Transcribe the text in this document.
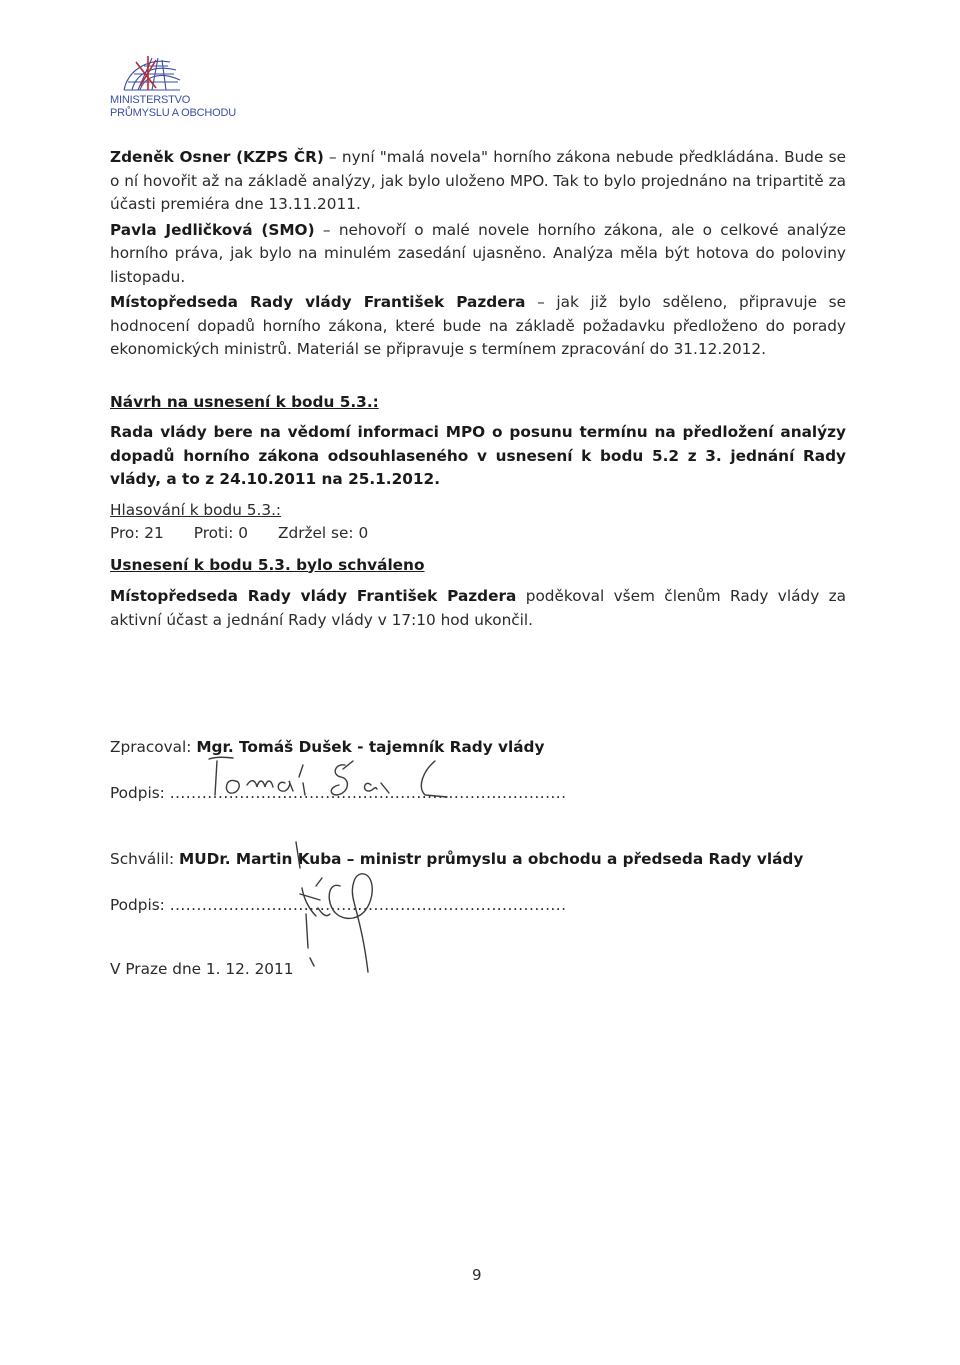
MINISTERSTVO
PRŮMYSLU A OBCHODU

Zdeněk Osner (KZPS ČR) – nyní "malá novela" horního zákona nebude předkládána. Bude se o ní hovořit až na základě analýzy, jak bylo uloženo MPO. Tak to bylo projednáno na tripartitě za účasti premiéra dne 13.11.2011.

Pavla Jedličková (SMO) – nehovoří o malé novele horního zákona, ale o celkové analýze horního práva, jak bylo na minulém zasedání ujasněno. Analýza měla být hotova do poloviny listopadu.

Místopředseda Rady vlády František Pazdera – jak již bylo sděleno, připravuje se hodnocení dopadů horního zákona, které bude na základě požadavku předloženo do porady ekonomických ministrů. Materiál se připravuje s termínem zpracování do 31.12.2012.

Návrh na usnesení k bodu 5.3.:

Rada vlády bere na vědomí informaci MPO o posunu termínu na předložení analýzy dopadů horního zákona odsouhlaseného v usnesení k bodu 5.2 z 3. jednání Rady vlády, a to z 24.10.2011 na 25.1.2012.

Hlasování k bodu 5.3.:

Pro: 21 Proti: 0 Zdržel se: 0

Usnesení k bodu 5.3. bylo schváleno

Místopředseda Rady vlády František Pazdera poděkoval všem členům Rady vlády za aktivní účast a jednání Rady vlády v 17:10 hod ukončil.

Zpracoval: Mgr. Tomáš Dušek - tajemník Rady vlády
Podpis: ..........................................................................
Schválil: MUDr. Martin Kuba – ministr průmyslu a obchodu a předseda Rady vlády
Podpis: ..........................................................................
V Praze dne 1. 12. 2011
9
